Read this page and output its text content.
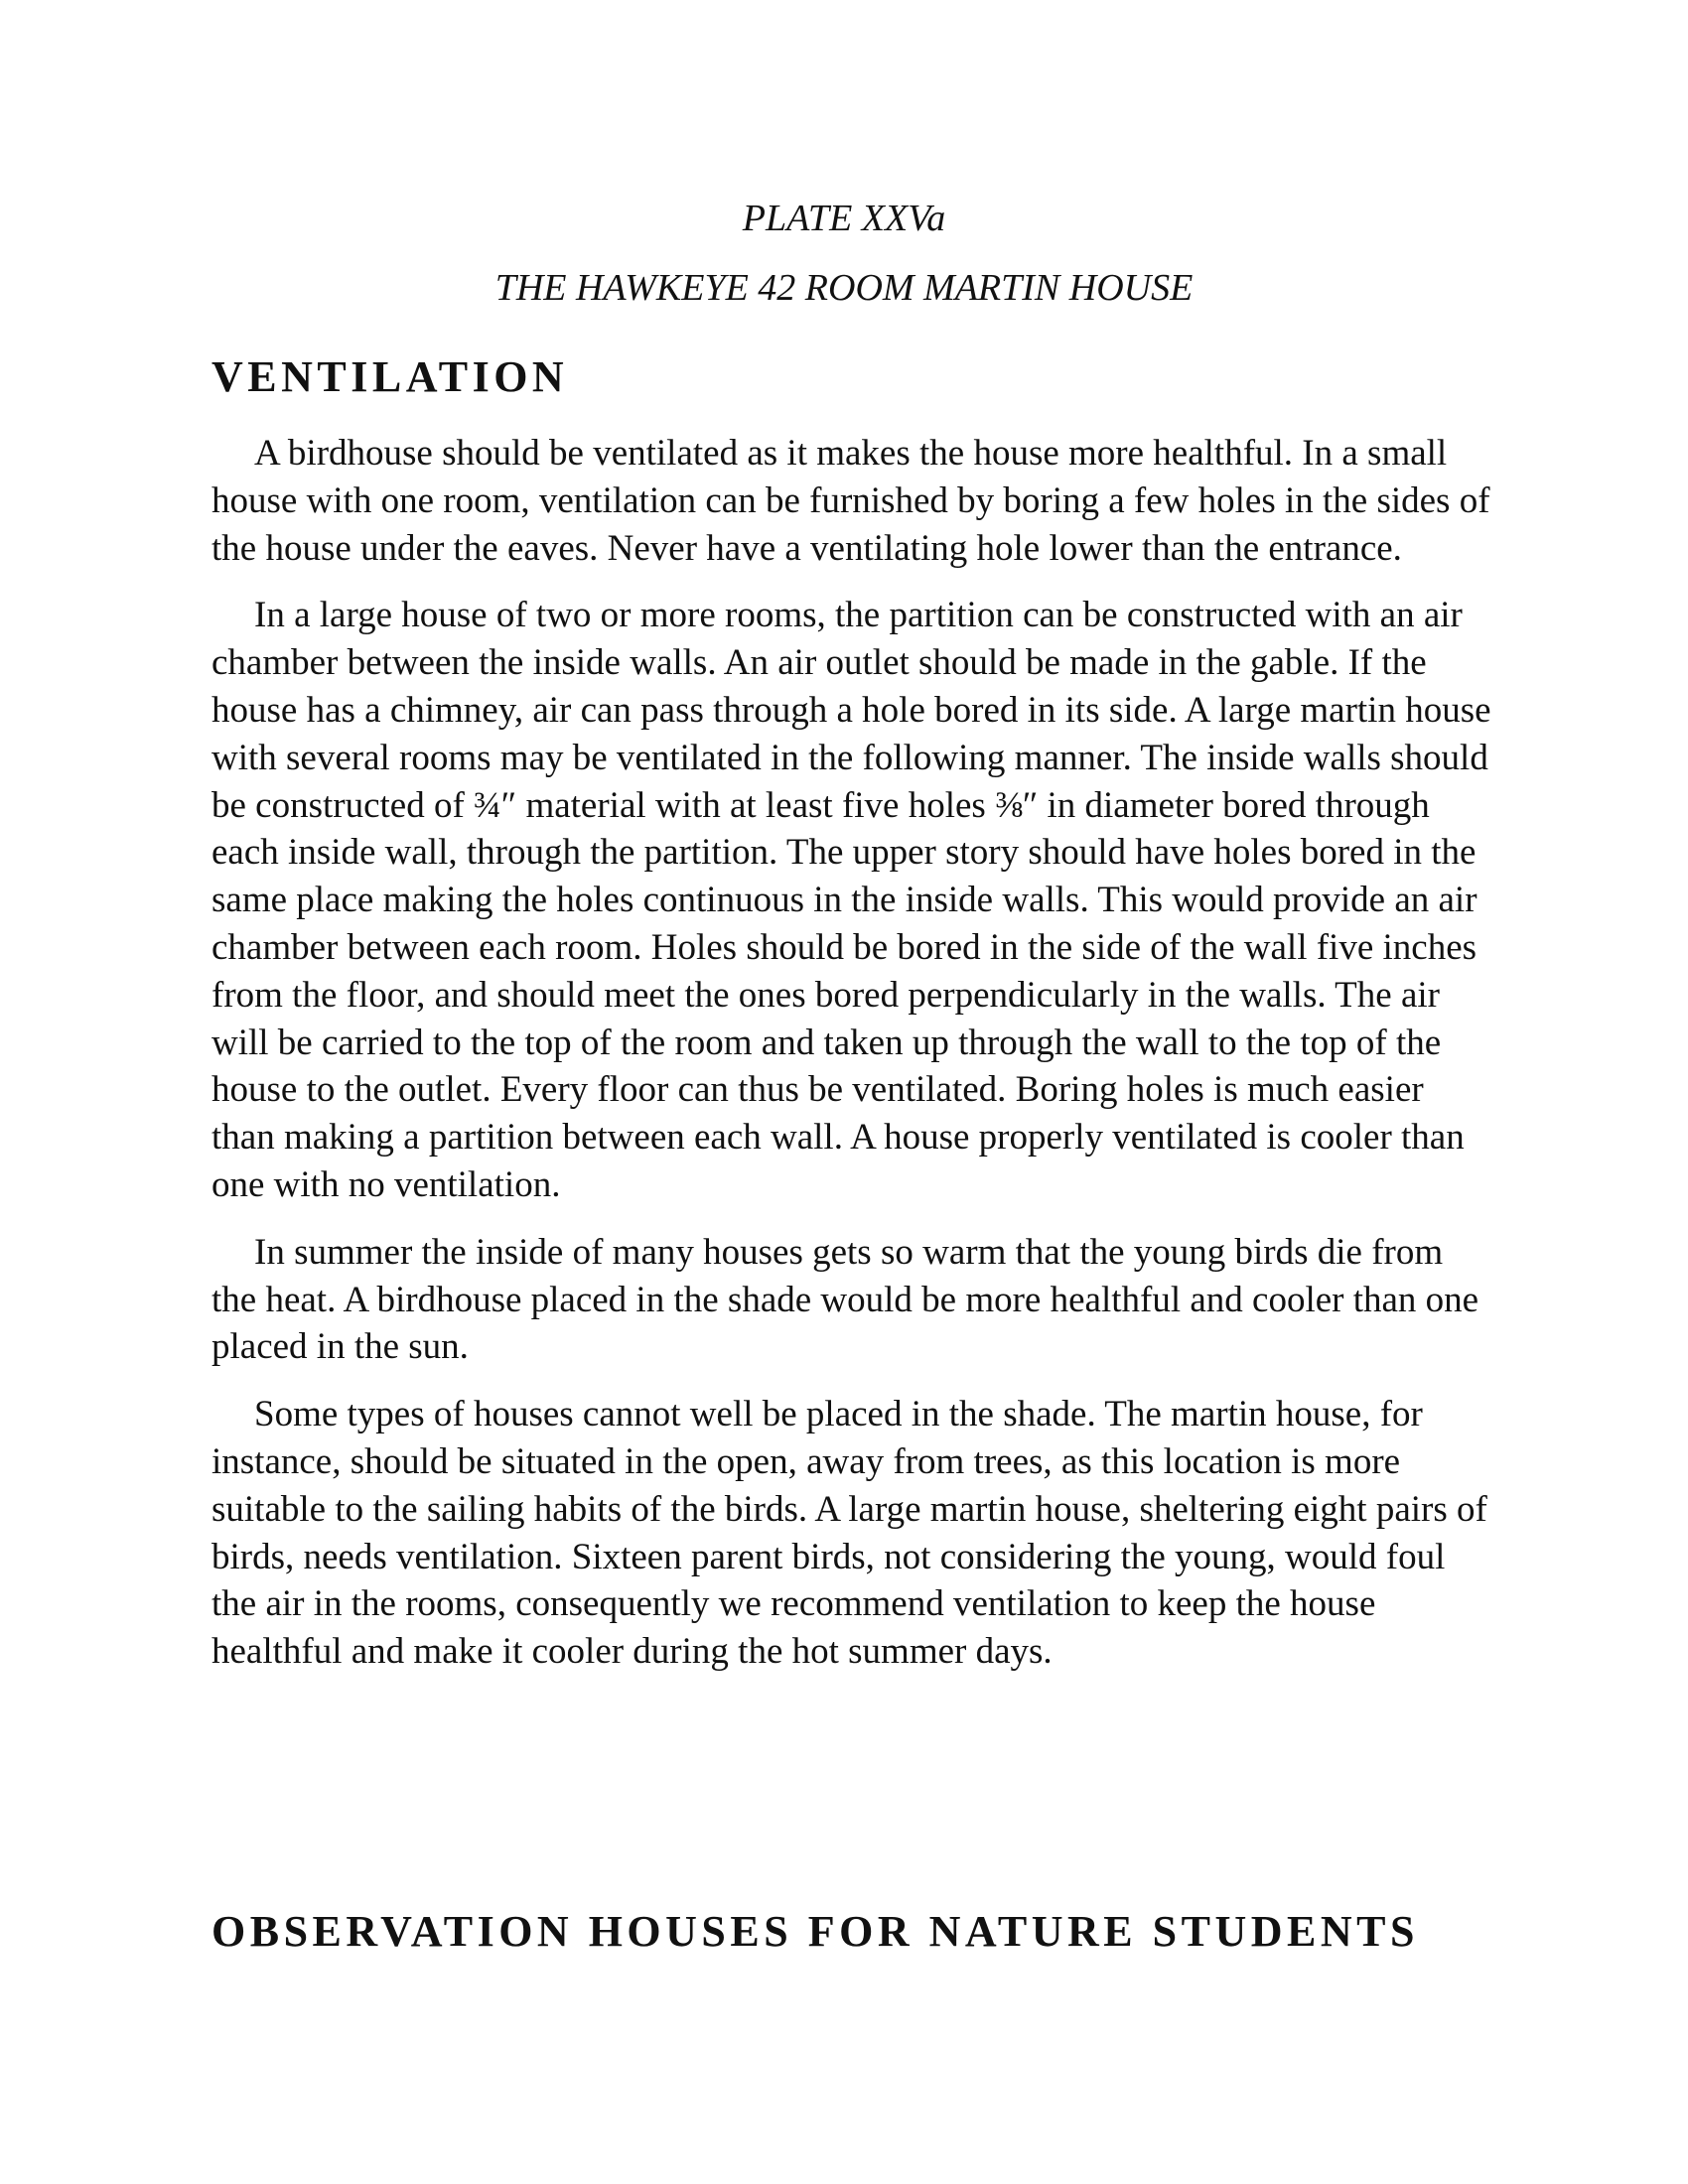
PLATE XXVa

THE HAWKEYE 42 ROOM MARTIN HOUSE

VENTILATION

A birdhouse should be ventilated as it makes the house more healthful. In a small house with one room, ventilation can be furnished by boring a few holes in the sides of the house under the eaves. Never have a ventilating hole lower than the entrance.

In a large house of two or more rooms, the partition can be constructed with an air chamber between the inside walls. An air outlet should be made in the gable. If the house has a chimney, air can pass through a hole bored in its side. A large martin house with several rooms may be ventilated in the following manner. The inside walls should be constructed of ¾″ material with at least five holes ⅜″ in diameter bored through each inside wall, through the partition. The upper story should have holes bored in the same place making the holes continuous in the inside walls. This would provide an air chamber between each room. Holes should be bored in the side of the wall five inches from the floor, and should meet the ones bored perpendicularly in the walls. The air will be carried to the top of the room and taken up through the wall to the top of the house to the outlet. Every floor can thus be ventilated. Boring holes is much easier than making a partition between each wall. A house properly ventilated is cooler than one with no ventilation.

In summer the inside of many houses gets so warm that the young birds die from the heat. A birdhouse placed in the shade would be more healthful and cooler than one placed in the sun.

Some types of houses cannot well be placed in the shade. The martin house, for instance, should be situated in the open, away from trees, as this location is more suitable to the sailing habits of the birds. A large martin house, sheltering eight pairs of birds, needs ventilation. Sixteen parent birds, not considering the young, would foul the air in the rooms, consequently we recommend ventilation to keep the house healthful and make it cooler during the hot summer days.

OBSERVATION HOUSES FOR NATURE STUDENTS
